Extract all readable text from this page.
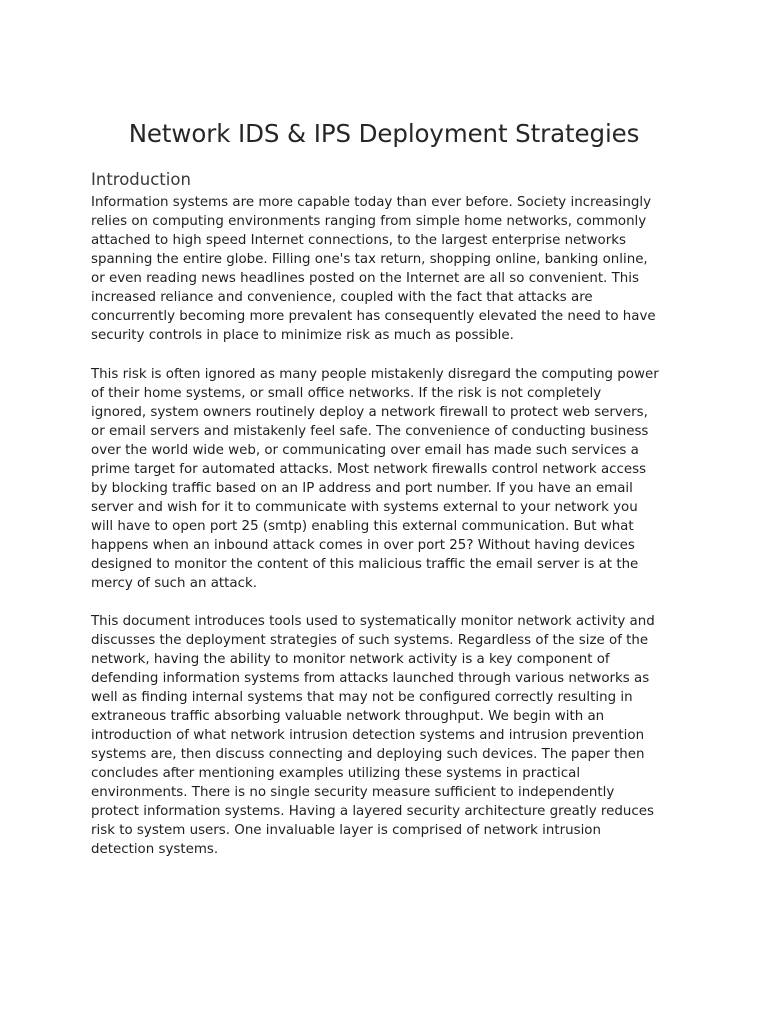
Network IDS & IPS Deployment Strategies
Introduction

Information systems are more capable today than ever before. Society increasingly
relies on computing environments ranging from simple home networks, commonly
attached to high speed Internet connections, to the largest enterprise networks
spanning the entire globe. Filling one's tax return, shopping online, banking online,
or even reading news headlines posted on the Internet are all so convenient. This
increased reliance and convenience, coupled with the fact that attacks are
concurrently becoming more prevalent has consequently elevated the need to have
security controls in place to minimize risk as much as possible.

This risk is often ignored as many people mistakenly disregard the computing power
of their home systems, or small office networks. If the risk is not completely
ignored, system owners routinely deploy a network firewall to protect web servers,
or email servers and mistakenly feel safe. The convenience of conducting business
over the world wide web, or communicating over email has made such services a
prime target for automated attacks. Most network firewalls control network access
by blocking traffic based on an IP address and port number. If you have an email
server and wish for it to communicate with systems external to your network you
will have to open port 25 (smtp) enabling this external communication. But what
happens when an inbound attack comes in over port 25? Without having devices
designed to monitor the content of this malicious traffic the email server is at the
mercy of such an attack.

This document introduces tools used to systematically monitor network activity and
discusses the deployment strategies of such systems. Regardless of the size of the
network, having the ability to monitor network activity is a key component of
defending information systems from attacks launched through various networks as
well as finding internal systems that may not be configured correctly resulting in
extraneous traffic absorbing valuable network throughput. We begin with an
introduction of what network intrusion detection systems and intrusion prevention
systems are, then discuss connecting and deploying such devices. The paper then
concludes after mentioning examples utilizing these systems in practical
environments. There is no single security measure sufficient to independently
protect information systems. Having a layered security architecture greatly reduces
risk to system users. One invaluable layer is comprised of network intrusion
detection systems.
